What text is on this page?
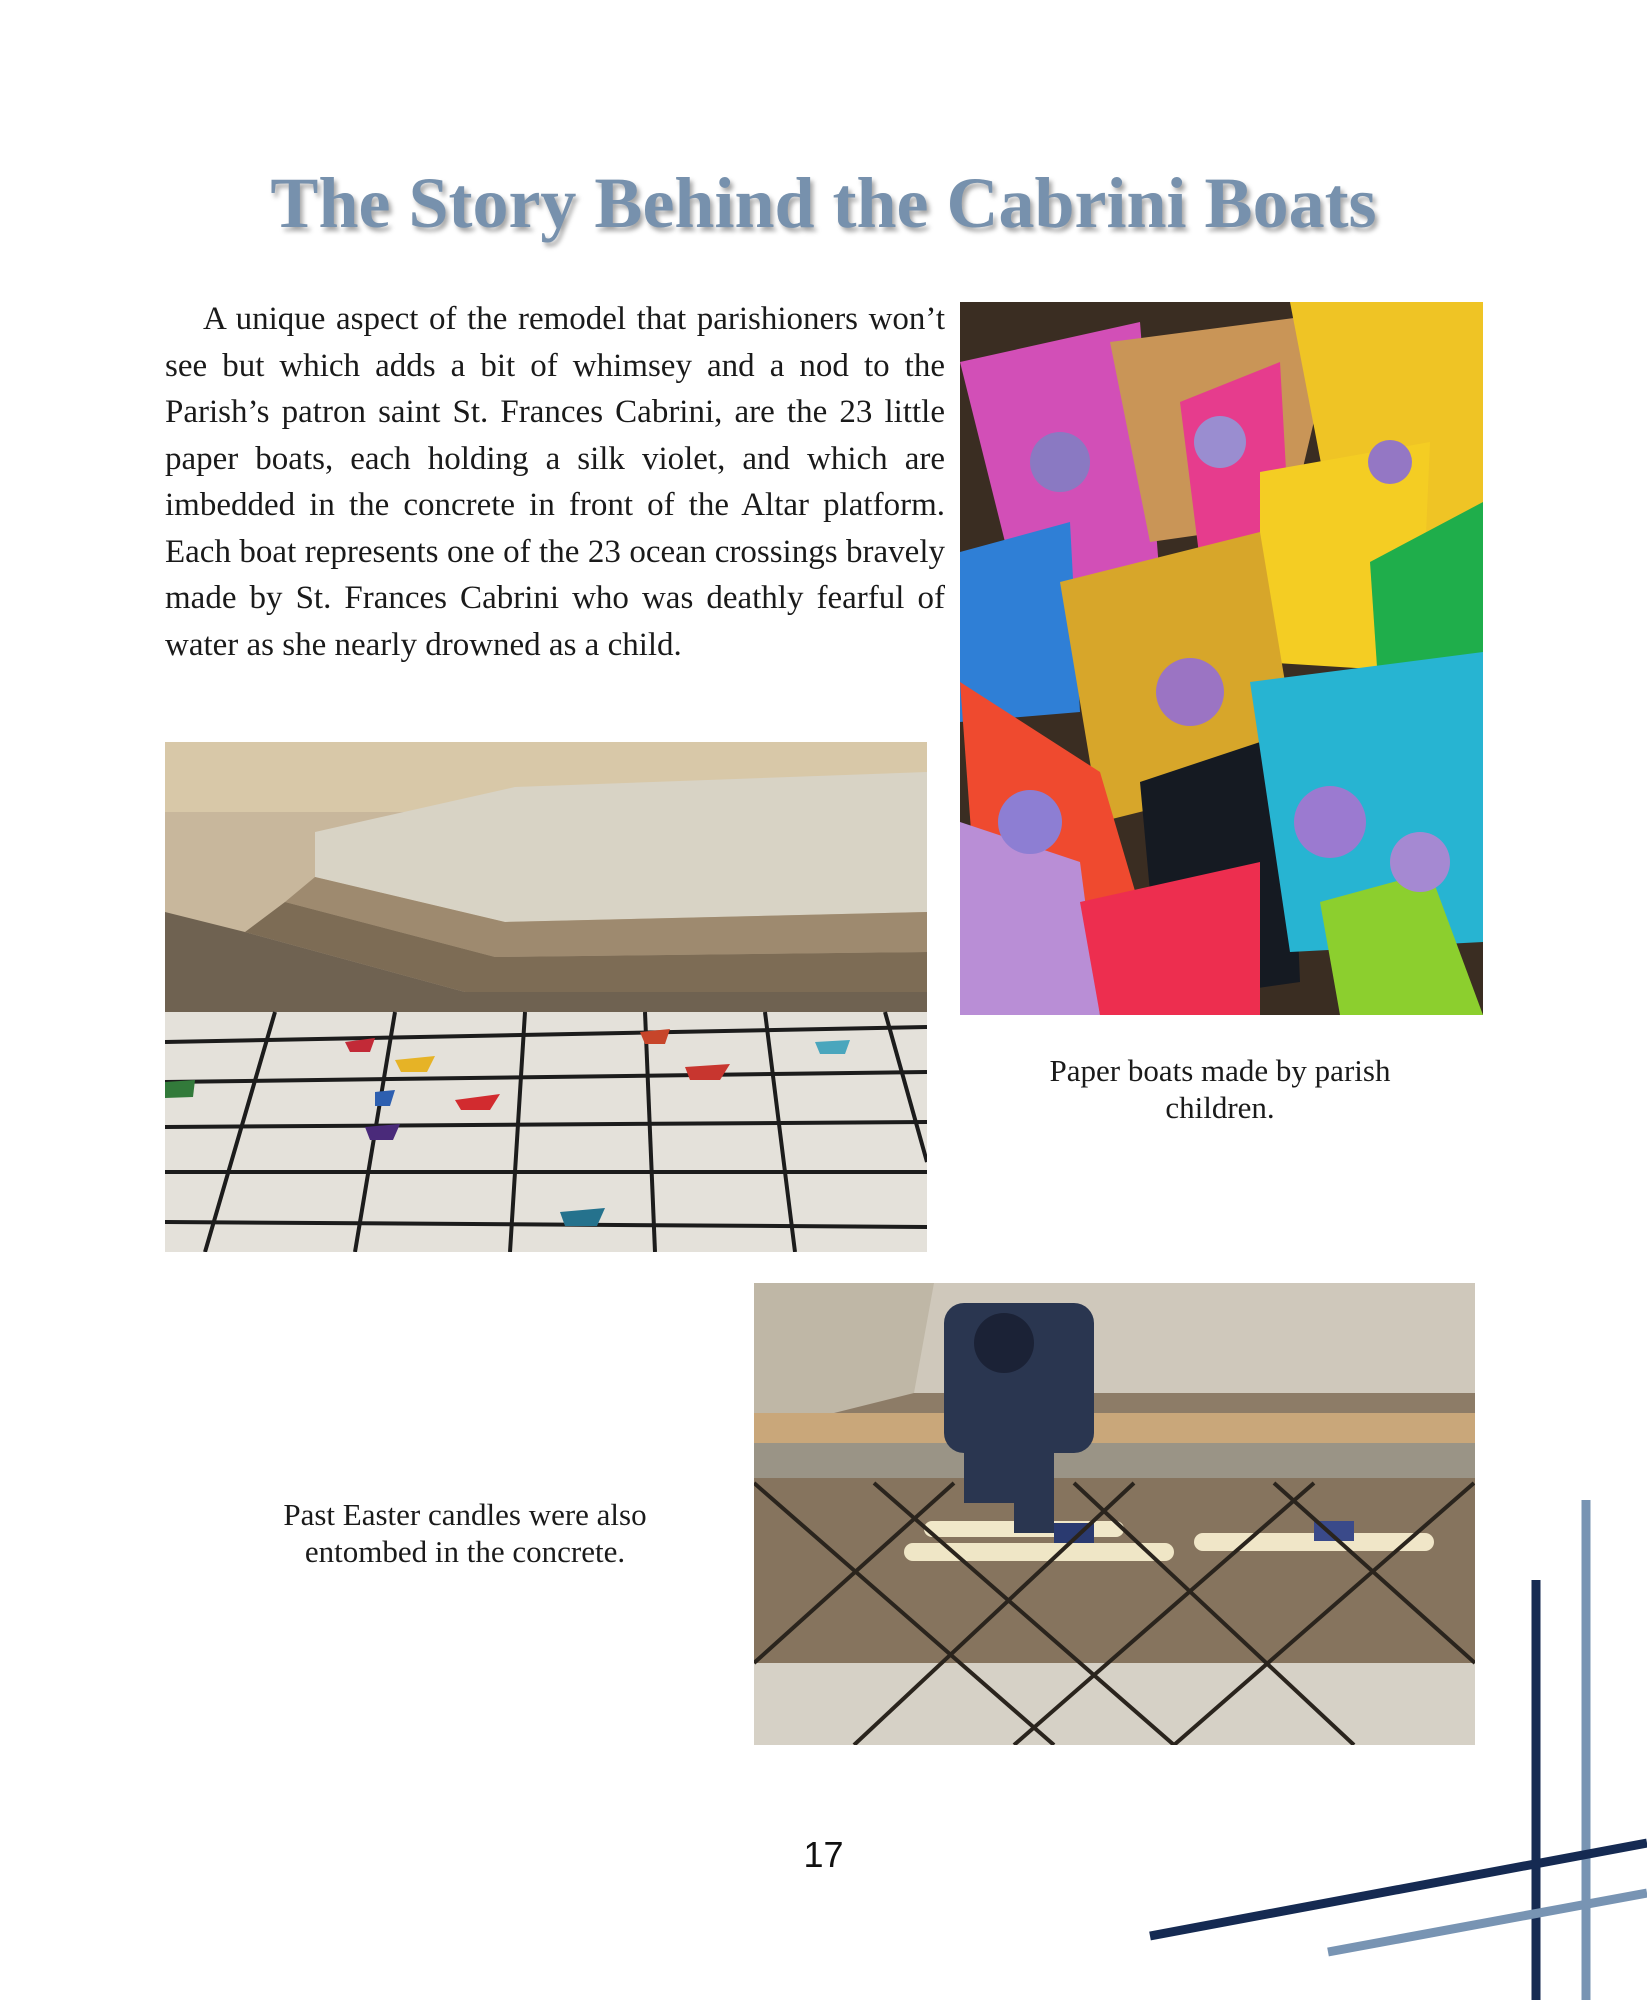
The Story Behind the Cabrini Boats

A unique aspect of the remodel that parishioners won’t see but which adds a bit of whimsey and a nod to the Parish’s patron saint St. Frances Cabrini, are the 23 little paper boats, each holding a silk violet, and which are imbedded in the concrete in front of the Altar platform. Each boat represents one of the 23 ocean crossings bravely made by St. Frances Cabrini who was deathly fearful of water as she nearly drowned as a child.

Paper boats made by parish children.

Past Easter candles were also entombed in the concrete.

17
